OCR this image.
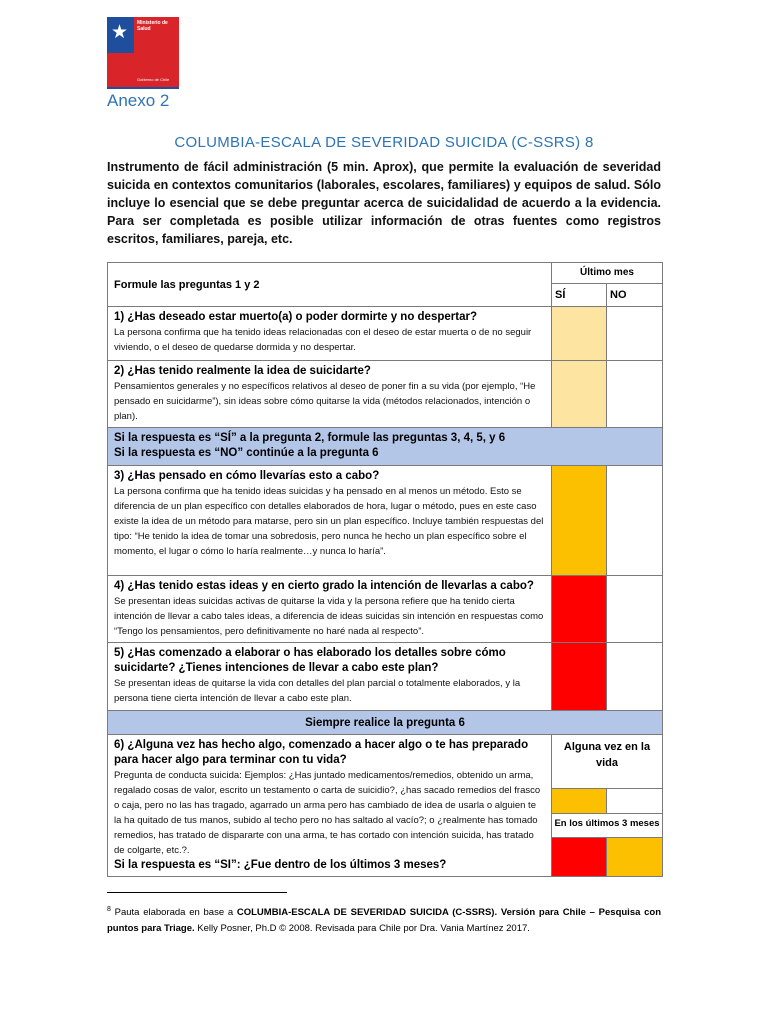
★ Ministerio de Salud
Gobierno de Chile
Anexo 2
COLUMBIA-ESCALA DE SEVERIDAD SUICIDA (C-SSRS) 8
Instrumento de fácil administración (5 min. Aprox), que permite la evaluación de severidad suicida en contextos comunitarios (laborales, escolares, familiares) y equipos de salud. Sólo incluye lo esencial que se debe preguntar acerca de suicidalidad de acuerdo a la evidencia. Para ser completada es posible utilizar información de otras fuentes como registros escritos, familiares, pareja, etc.
Formule las preguntas 1 y 2	Último mes	
	SÍ	NO

1) ¿Has deseado estar muerto(a) o poder dormirte y no despertar?
La persona confirma que ha tenido ideas relacionadas con el deseo de estar muerta o de no seguir viviendo, o el deseo de quedarse dormida y no despertar.		

2) ¿Has tenido realmente la idea de suicidarte?
Pensamientos generales y no específicos relativos al deseo de poner fin a su vida (por ejemplo, “He pensado en suicidarme”), sin ideas sobre cómo quitarse la vida (métodos relacionados, intención o plan).		

Si la respuesta es “SÍ” a la pregunta 2, formule las preguntas 3, 4, 5, y 6
Si la respuesta es “NO” continúe a la pregunta 6		

3) ¿Has pensado en cómo llevarías esto a cabo?
La persona confirma que ha tenido ideas suicidas y ha pensado en al menos un método. Esto se diferencia de un plan específico con detalles elaborados de hora, lugar o método, pues en este caso existe la idea de un método para matarse, pero sin un plan específico. Incluye también respuestas del tipo: “He tenido la idea de tomar una sobredosis, pero nunca he hecho un plan específico sobre el momento, el lugar o cómo lo haría realmente…y nunca lo haría”.		

4) ¿Has tenido estas ideas y en cierto grado la intención de llevarlas a cabo?
Se presentan ideas suicidas activas de quitarse la vida y la persona refiere que ha tenido cierta intención de llevar a cabo tales ideas, a diferencia de ideas suicidas sin intención en respuestas como “Tengo los pensamientos, pero definitivamente no haré nada al respecto”.		

5) ¿Has comenzado a elaborar o has elaborado los detalles sobre cómo suicidarte? ¿Tienes intenciones de llevar a cabo este plan?
Se presentan ideas de quitarse la vida con detalles del plan parcial o totalmente elaborados, y la persona tiene cierta intención de llevar a cabo este plan.		

Siempre realice la pregunta 6		

6) ¿Alguna vez has hecho algo, comenzado a hacer algo o te has preparado para hacer algo para terminar con tu vida?
Pregunta de conducta suicida: Ejemplos: ¿Has juntado medicamentos/remedios, obtenido un arma, regalado cosas de valor, escrito un testamento o carta de suicidio?, ¿has sacado remedios del frasco o caja, pero no las has tragado, agarrado un arma pero has cambiado de idea de usarla o alguien te la ha quitado de tus manos, subido al techo pero no has saltado al vacío?; o ¿realmente has tomado remedios, has tratado de dispararte con una arma, te has cortado con intención suicida, has tratado de colgarte, etc.?.
Si la respuesta es “SI”: ¿Fue dentro de los últimos 3 meses?	Alguna vez en la vida	

	En los últimos 3 meses	

$^8$ Pauta elaborada en base a COLUMBIA-ESCALA DE SEVERIDAD SUICIDA (C-SSRS). Versión para Chile – Pesquisa con puntos para Triage. Kelly Posner, Ph.D © 2008. Revisada para Chile por Dra. Vania Martínez 2017.
